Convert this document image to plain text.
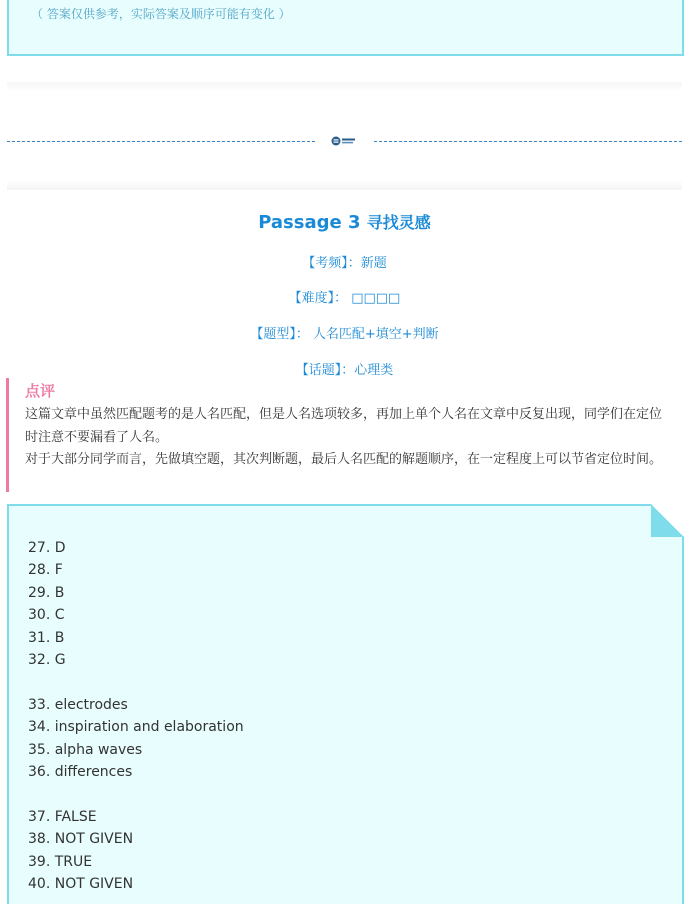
（ 答案仅供参考，实际答案及顺序可能有变化 ）
Passage 3 寻找灵感
【考频】：新题
【难度】： □□□□
【题型】： 人名匹配+填空+判断
【话题】：心理类
点评

这篇文章中虽然匹配题考的是人名匹配，但是人名选项较多，再加上单个人名在文章中反复出现，同学们在定位时注意不要漏看了人名。

对于大部分同学而言，先做填空题，其次判断题，最后人名匹配的解题顺序，在一定程度上可以节省定位时间。

27. D
28. F
29. B
30. C
31. B
32. G
33. electrodes
34. inspiration and elaboration
35. alpha waves
36. differences
37. FALSE
38. NOT GIVEN
39. TRUE
40. NOT GIVEN
